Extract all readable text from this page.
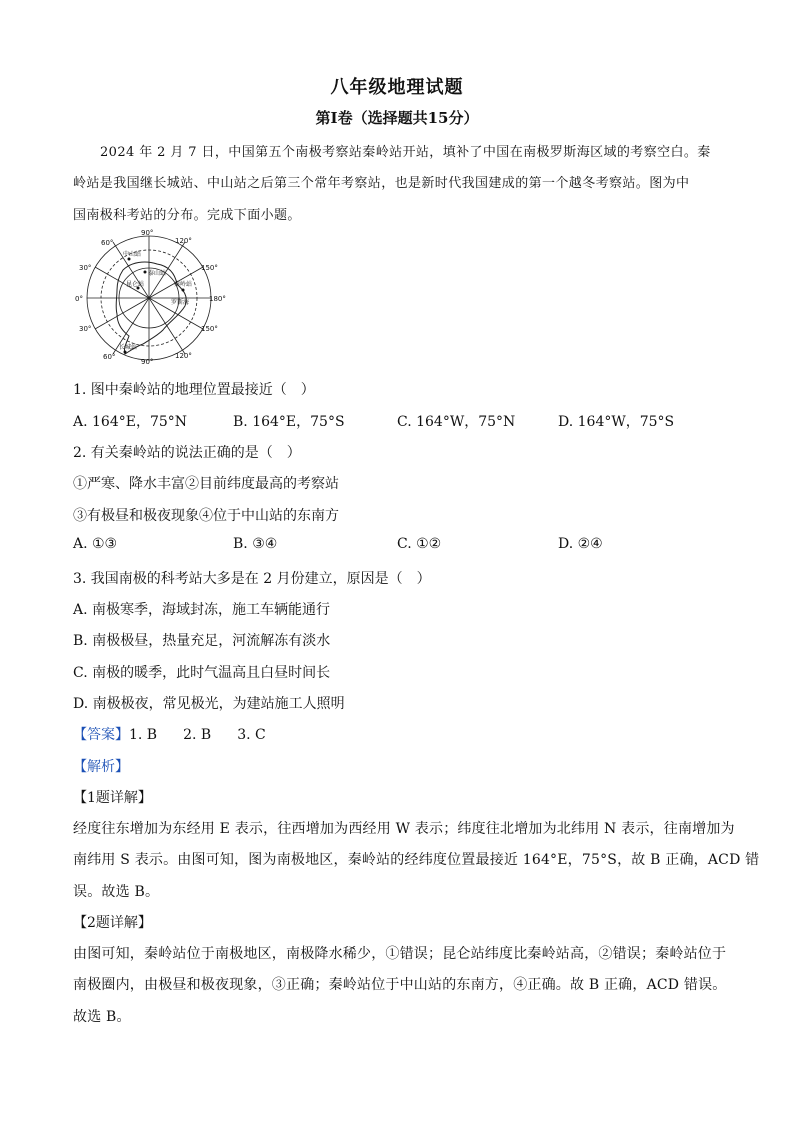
八年级地理试题
第Ⅰ卷（选择题共15分）
2024 年 2 月 7 日，中国第五个南极考察站秦岭站开站，填补了中国在南极罗斯海区域的考察空白。秦
岭站是我国继长城站、中山站之后第三个常年考察站，也是新时代我国建成的第一个越冬考察站。图为中
国南极科考站的分布。完成下面小题。
90°
120°
150°
180°
150°
120°
90°
60°
30°
0°
30°
60°
中山站
泰山站
昆仑站	秦岭站
罗斯海
长城站
1. 图中秦岭站的地理位置最接近（　）
A. 164°E，75°N	B. 164°E，75°S	C. 164°W，75°N	D. 164°W，75°S
2. 有关秦岭站的说法正确的是（　）
①严寒、降水丰富②目前纬度最高的考察站
③有极昼和极夜现象④位于中山站的东南方
A. ①③	B. ③④	C. ①②	D. ②④
3. 我国南极的科考站大多是在 2 月份建立，原因是（　）
A. 南极寒季，海域封冻，施工车辆能通行
B. 南极极昼，热量充足，河流解冻有淡水
C. 南极的暖季，此时气温高且白昼时间长
D. 南极极夜，常见极光，为建站施工人照明
【答案】1. B 2. B 3. C
【解析】
【1题详解】
经度往东增加为东经用 E 表示，往西增加为西经用 W 表示；纬度往北增加为北纬用 N 表示，往南增加为
南纬用 S 表示。由图可知，图为南极地区，秦岭站的经纬度位置最接近 164°E，75°S，故 B 正确，ACD 错
误。故选 B。
【2题详解】
由图可知，秦岭站位于南极地区，南极降水稀少，①错误；昆仑站纬度比秦岭站高，②错误；秦岭站位于
南极圈内，由极昼和极夜现象，③正确；秦岭站位于中山站的东南方，④正确。故 B 正确，ACD 错误。
故选 B。
